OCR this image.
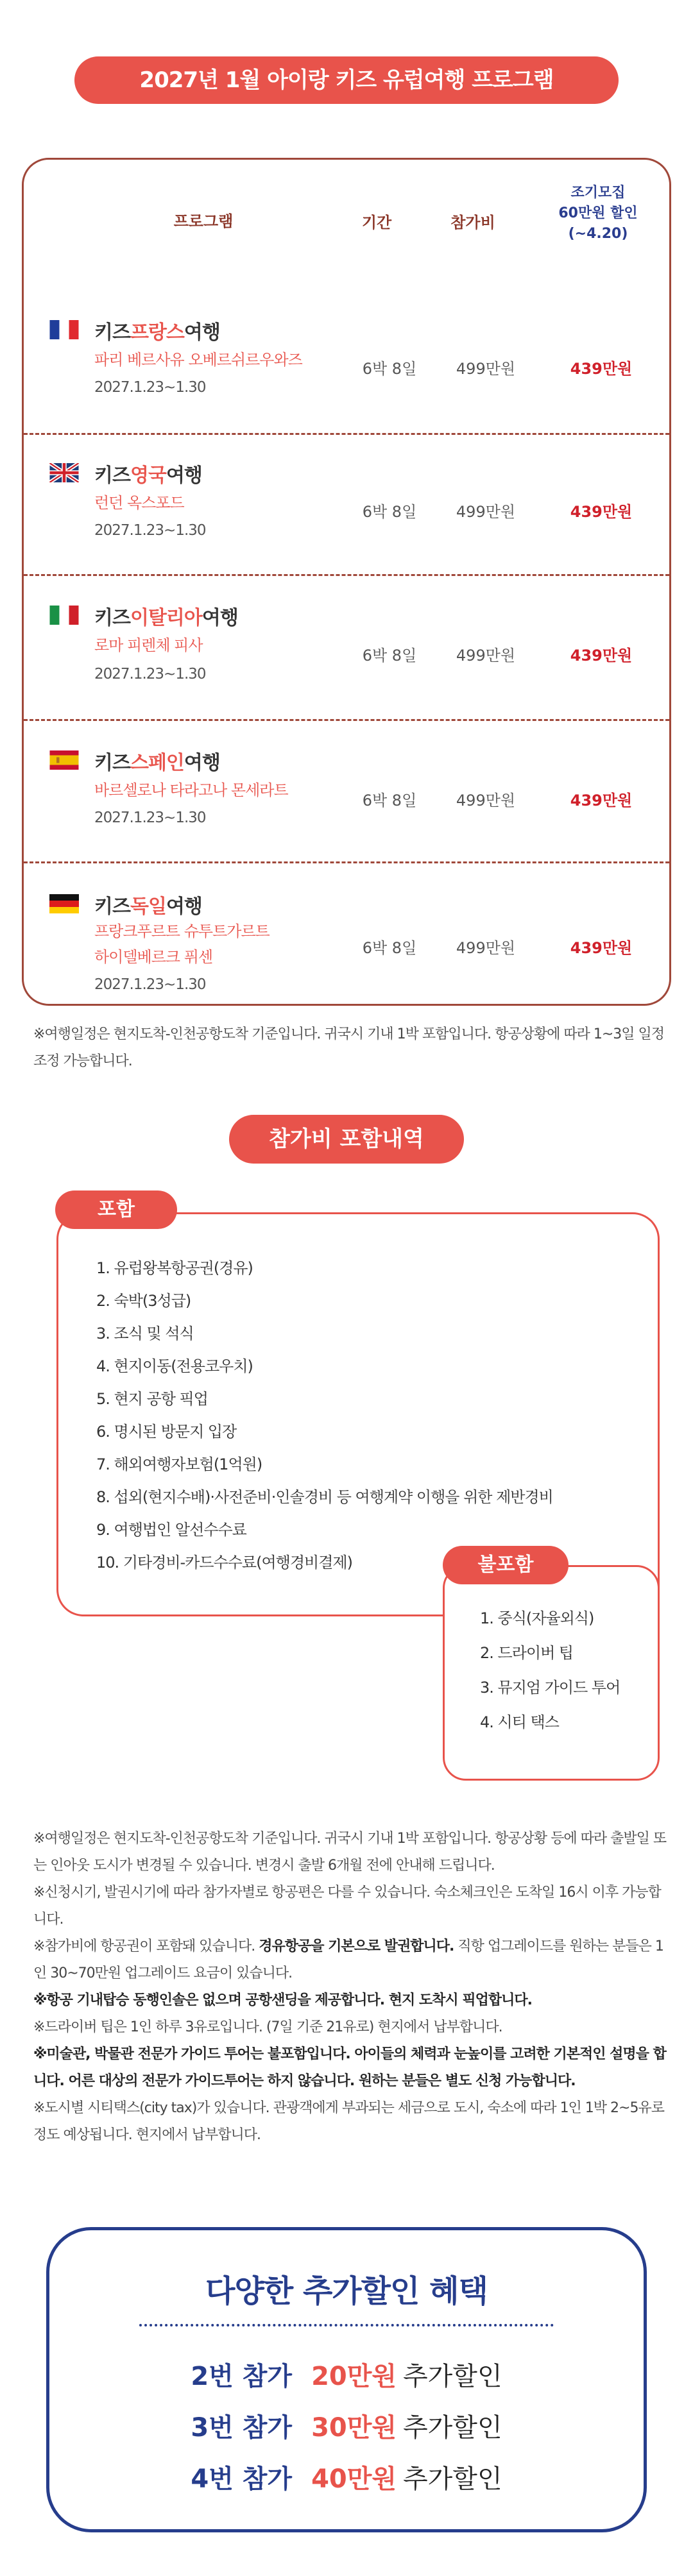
2027년 1월 아이랑 키즈 유럽여행 프로그램
프로그램	기간	참가비
조기모집
60만원 할인
(~4.20)
키즈프랑스여행
파리 베르사유 오베르쉬르우와즈
2027.1.23~1.30
6박 8일	499만원	439만원
키즈영국여행
런던 옥스포드
2027.1.23~1.30
6박 8일	499만원	439만원
키즈이탈리아여행
로마 피렌체 피사
2027.1.23~1.30
6박 8일	499만원	439만원
키즈스페인여행
바르셀로나 타라고나 몬세라트
2027.1.23~1.30
6박 8일	499만원	439만원
키즈독일여행
프랑크푸르트 슈투트가르트
하이델베르크 퓌센
2027.1.23~1.30
6박 8일	499만원	439만원
※여행일정은 현지도착-인천공항도착 기준입니다. 귀국시 기내 1박 포함입니다. 항공상황에 따라 1~3일 일정조정 가능합니다.
참가비 포함내역
포함
1. 유럽왕복항공권(경유)
2. 숙박(3성급)
3. 조식 및 석식
4. 현지이동(전용코우치)
5. 현지 공항 픽업
6. 명시된 방문지 입장
7. 해외여행자보험(1억원)
8. 섭외(현지수배)·사전준비·인솔경비 등 여행계약 이행을 위한 제반경비
9. 여행법인 알선수수료
10. 기타경비-카드수수료(여행경비결제)	불포함
1. 중식(자율외식)
2. 드라이버 팁
3. 뮤지엄 가이드 투어
4. 시티 택스

※여행일정은 현지도착-인천공항도착 기준입니다. 귀국시 기내 1박 포함입니다. 항공상황 등에 따라 출발일 또는 인아웃 도시가 변경될 수 있습니다. 변경시 출발 6개월 전에 안내해 드립니다.

※신청시기, 발권시기에 따라 참가자별로 항공편은 다를 수 있습니다. 숙소체크인은 도착일 16시 이후 가능합니다.

※참가비에 항공권이 포함돼 있습니다. 경유항공을 기본으로 발권합니다. 직항 업그레이드를 원하는 분들은 1인 30~70만원 업그레이드 요금이 있습니다.

※항공 기내탑승 동행인솔은 없으며 공항샌딩을 제공합니다. 현지 도착시 픽업합니다.

※드라이버 팁은 1인 하루 3유로입니다. (7일 기준 21유로) 현지에서 납부합니다.

※미술관, 박물관 전문가 가이드 투어는 불포함입니다. 아이들의 체력과 눈높이를 고려한 기본적인 설명을 합니다. 어른 대상의 전문가 가이드투어는 하지 않습니다. 원하는 분들은 별도 신청 가능합니다.

※도시별 시티택스(city tax)가 있습니다. 관광객에게 부과되는 세금으로 도시, 숙소에 따라 1인 1박 2~5유로 정도 예상됩니다. 현지에서 납부합니다.

다양한 추가할인 혜택
2번 참가 20만원 추가할인
3번 참가 30만원 추가할인
4번 참가 40만원 추가할인
